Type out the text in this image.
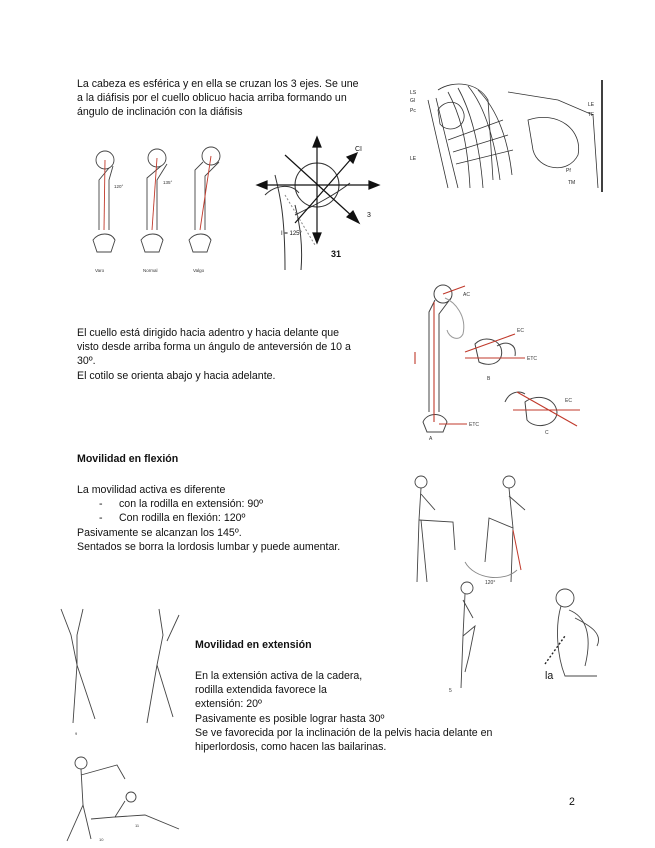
La cabeza es esférica y en ella se cruzan los 3 ejes. Se une

a la diáfisis por el cuello oblicuo hacia arriba formando un

ángulo de inclinación con la diáfisis

LS
Gl
Pc
LE
TF
LE
Pf
TM
120°
135°
Varo	Normal	Valgo
CI
I = 125°
3
31

El cuello está dirigido hacia adentro y hacia delante que

visto desde arriba forma un ángulo de anteversión de 10 a

30º.

El cotilo se orienta abajo y hacia adelante.

AC
EC
ETC
B
A
ETC
C
EC
Movilidad en flexión

La movilidad activa es diferente

- con la rodilla en extensión: 90º

- Con rodilla en flexión: 120º

Pasivamente se alcanzan los 145º.

Sentados se borra la lordosis lumbar y puede aumentar.

120°
5
9
10
11
Movilidad en extensión

En la extensión activa de la cadera,	la

rodilla extendida favorece la

extensión: 20º

Pasivamente es posible lograr hasta 30º

Se ve favorecida por la inclinación de la pelvis hacia delante en

hiperlordosis, como hacen las bailarinas.

2
